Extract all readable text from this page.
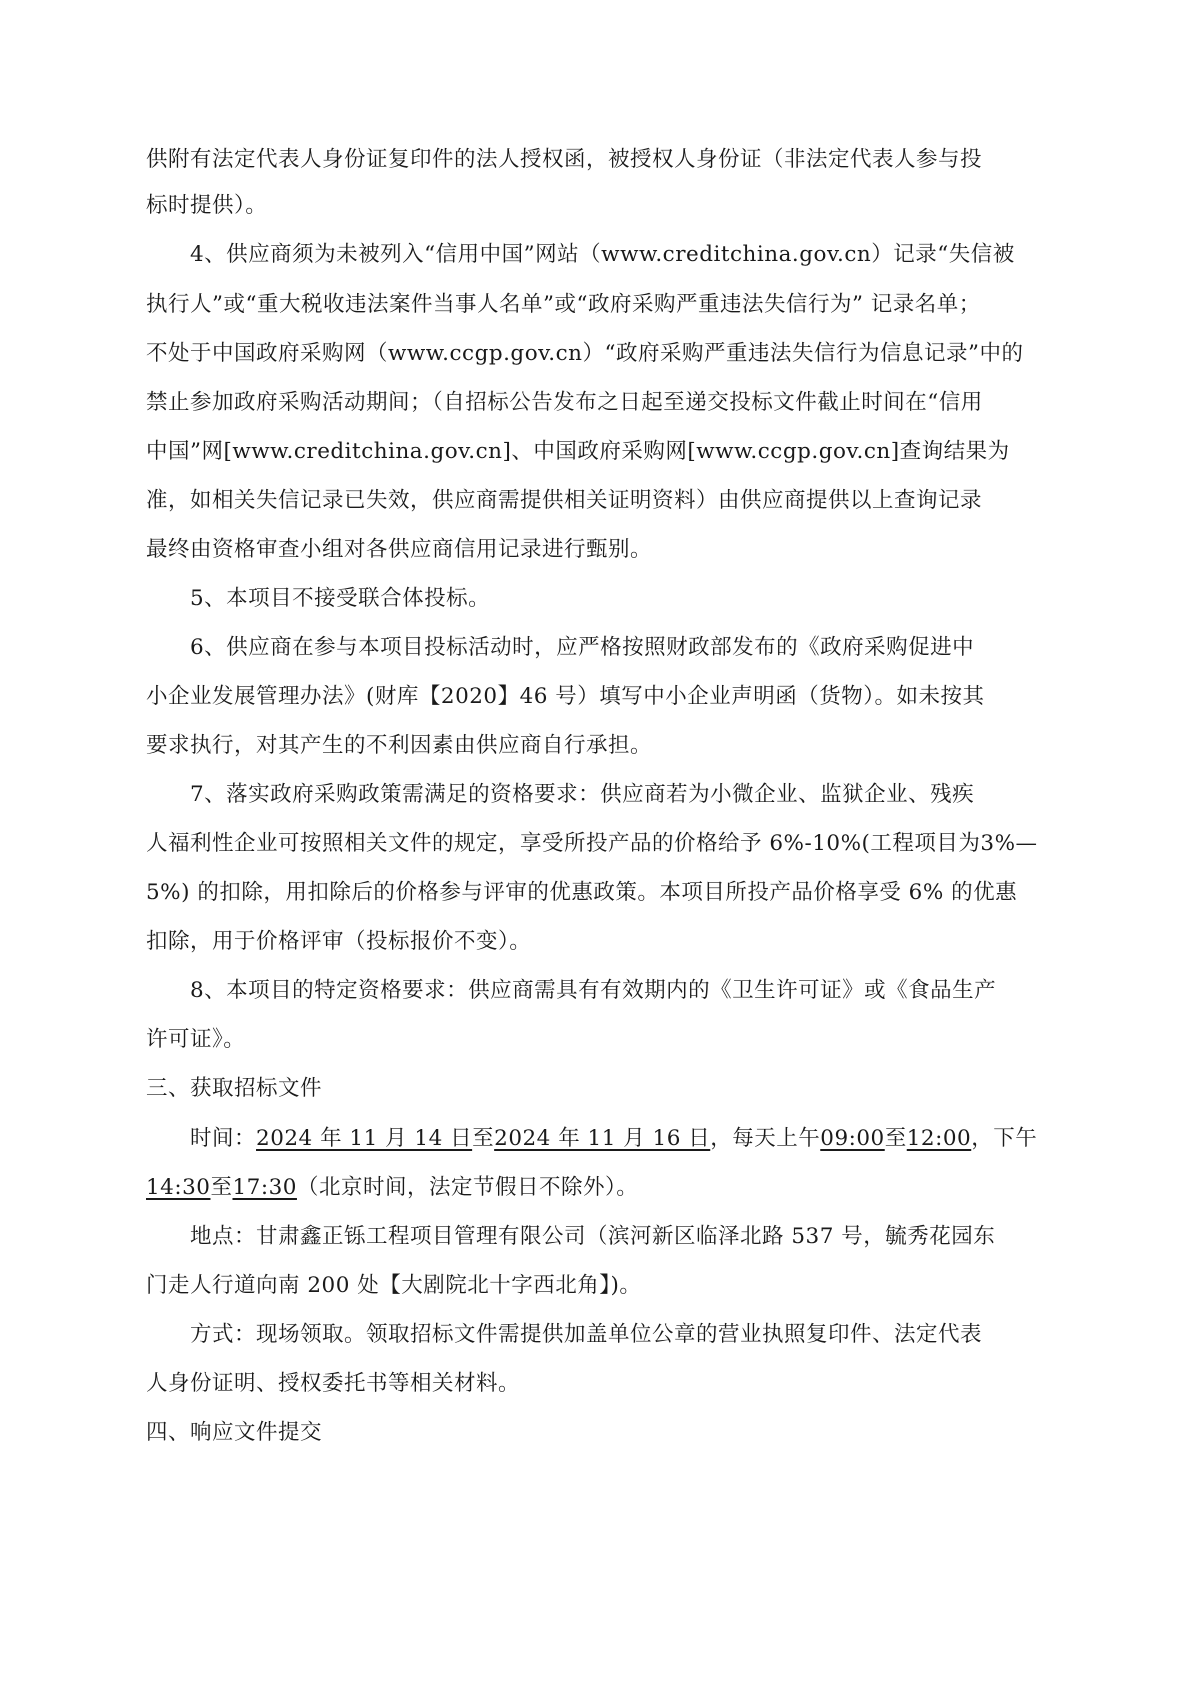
供附有法定代表人身份证复印件的法人授权函，被授权人身份证（非法定代表人参与投
标时提供）。
4、供应商须为未被列入“信用中国”网站（www.creditchina.gov.cn）记录“失信被
执行人”或“重大税收违法案件当事人名单”或“政府采购严重违法失信行为” 记录名单；
不处于中国政府采购网（www.ccgp.gov.cn）“政府采购严重违法失信行为信息记录”中的
禁止参加政府采购活动期间；（自招标公告发布之日起至递交投标文件截止时间在“信用
中国”网[www.creditchina.gov.cn]、中国政府采购网[www.ccgp.gov.cn]查询结果为
准，如相关失信记录已失效，供应商需提供相关证明资料）由供应商提供以上查询记录
最终由资格审查小组对各供应商信用记录进行甄别。
5、本项目不接受联合体投标。
6、供应商在参与本项目投标活动时，应严格按照财政部发布的《政府采购促进中
小企业发展管理办法》(财库【2020】46 号）填写中小企业声明函（货物）。如未按其
要求执行，对其产生的不利因素由供应商自行承担。
7、落实政府采购政策需满足的资格要求：供应商若为小微企业、监狱企业、残疾
人福利性企业可按照相关文件的规定，享受所投产品的价格给予 6%-10%(工程项目为3%—
5%) 的扣除，用扣除后的价格参与评审的优惠政策。本项目所投产品价格享受 6% 的优惠
扣除，用于价格评审（投标报价不变）。
8、本项目的特定资格要求：供应商需具有有效期内的《卫生许可证》或《食品生产
许可证》。
三、获取招标文件
时间：2024 年 11 月 14 日至2024 年 11 月 16 日，每天上午09:00至12:00，下午
14:30至17:30（北京时间，法定节假日不除外）。
地点：甘肃鑫正铄工程项目管理有限公司（滨河新区临泽北路 537 号，毓秀花园东
门走人行道向南 200 处【大剧院北十字西北角】)。
方式：现场领取。领取招标文件需提供加盖单位公章的营业执照复印件、法定代表
人身份证明、授权委托书等相关材料。
四、响应文件提交
